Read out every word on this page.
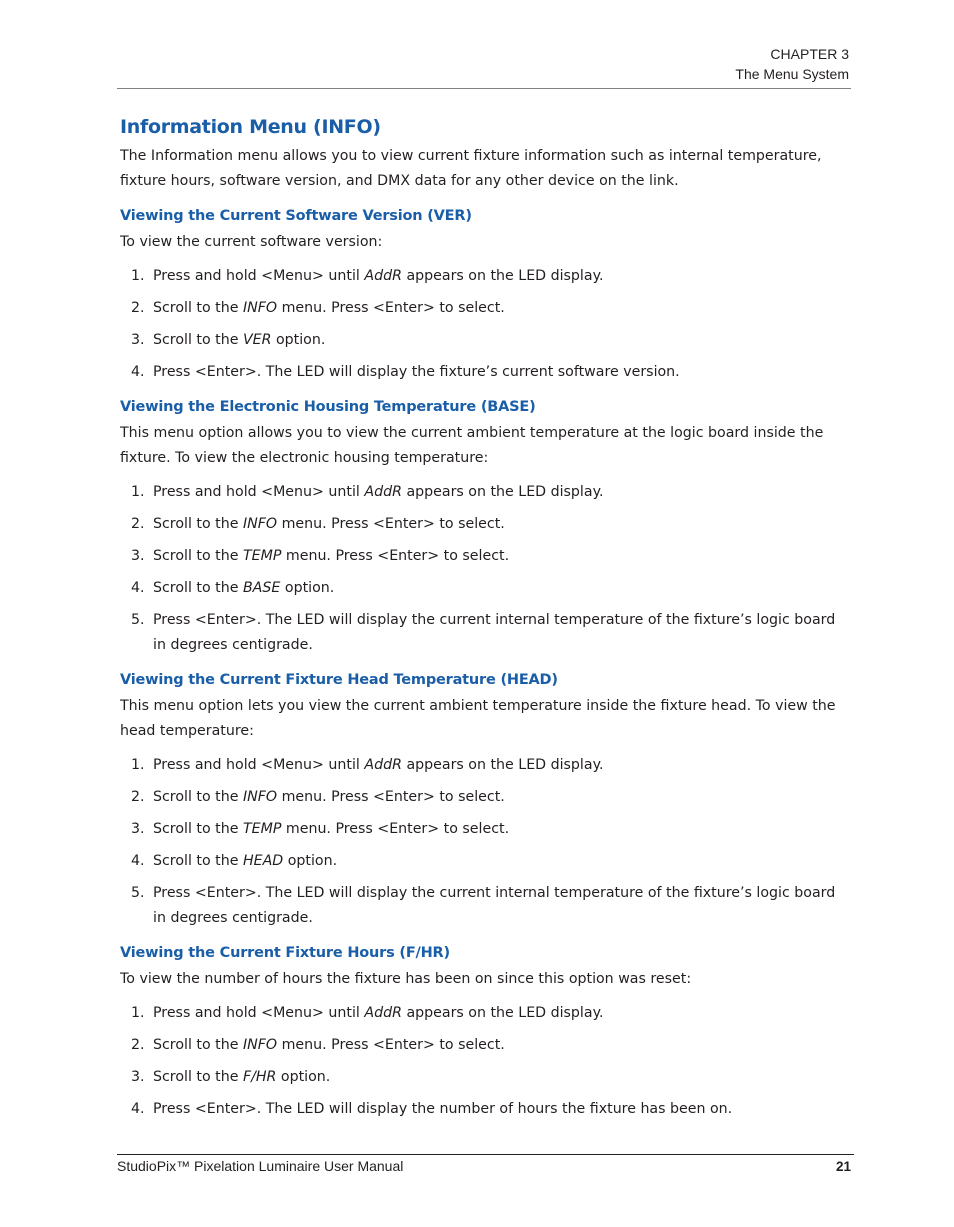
CHAPTER 3
The Menu System
Information Menu (INFO)

The Information menu allows you to view current fixture information such as internal temperature, fixture hours, software version, and DMX data for any other device on the link.

Viewing the Current Software Version (VER)

To view the current software version:

1. Press and hold <Menu> until AddR appears on the LED display.
2. Scroll to the INFO menu. Press <Enter> to select.
3. Scroll to the VER option.
4. Press <Enter>. The LED will display the fixture’s current software version.
Viewing the Electronic Housing Temperature (BASE)

This menu option allows you to view the current ambient temperature at the logic board inside the fixture. To view the electronic housing temperature:

1. Press and hold <Menu> until AddR appears on the LED display.
2. Scroll to the INFO menu. Press <Enter> to select.
3. Scroll to the TEMP menu. Press <Enter> to select.
4. Scroll to the BASE option.
5. Press <Enter>. The LED will display the current internal temperature of the fixture’s logic board in degrees centigrade.
Viewing the Current Fixture Head Temperature (HEAD)

This menu option lets you view the current ambient temperature inside the fixture head. To view the head temperature:

1. Press and hold <Menu> until AddR appears on the LED display.
2. Scroll to the INFO menu. Press <Enter> to select.
3. Scroll to the TEMP menu. Press <Enter> to select.
4. Scroll to the HEAD option.
5. Press <Enter>. The LED will display the current internal temperature of the fixture’s logic board in degrees centigrade.
Viewing the Current Fixture Hours (F/HR)

To view the number of hours the fixture has been on since this option was reset:

1. Press and hold <Menu> until AddR appears on the LED display.
2. Scroll to the INFO menu. Press <Enter> to select.
3. Scroll to the F/HR option.
4. Press <Enter>. The LED will display the number of hours the fixture has been on.
StudioPix™ Pixelation Luminaire User Manual	21
